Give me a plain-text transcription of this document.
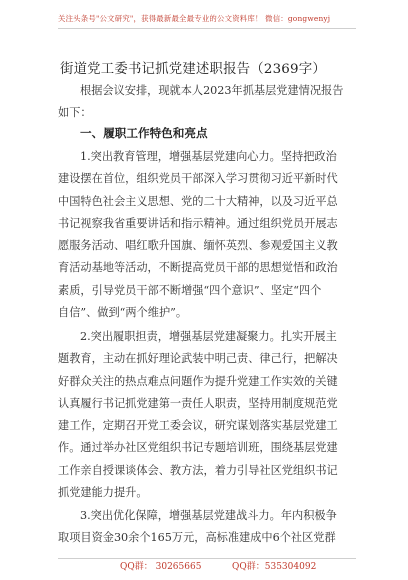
关注头条号"公文研究"，获得最新最全最专业的公文资料库！ 微信：gongwenyj
街道党工委书记抓党建述职报告（2369字）
根据会议安排，现就本人2023年抓基层党建情况报告
如下：
一、履职工作特色和亮点
1.突出教育管理，增强基层党建向心力。坚持把政治
建设摆在首位，组织党员干部深入学习贯彻习近平新时代
中国特色社会主义思想、党的二十大精神，以及习近平总
书记视察我省重要讲话和指示精神。通过组织党员开展志
愿服务活动、唱红歌升国旗、缅怀英烈、参观爱国主义教
育活动基地等活动，不断提高党员干部的思想觉悟和政治
素质，引导党员干部不断增强“四个意识”、坚定“四个
自信”、做到“两个维护”。
2.突出履职担责，增强基层党建凝聚力。扎实开展主
题教育，主动在抓好理论武装中明己责、律己行，把解决
好群众关注的热点难点问题作为提升党建工作实效的关键
认真履行书记抓党建第一责任人职责，坚持用制度规范党
建工作，定期召开党工委会议，研究谋划落实基层党建工
作。通过举办社区党组织书记专题培训班，围绕基层党建
工作亲自授课谈体会、教方法，着力引导社区党组织书记
抓党建能力提升。
3.突出优化保障，增强基层党建战斗力。年内积极争
取项目资金30余个165万元，高标准建成中6个社区党群
QQ群： 30265665	QQ群：535304092
